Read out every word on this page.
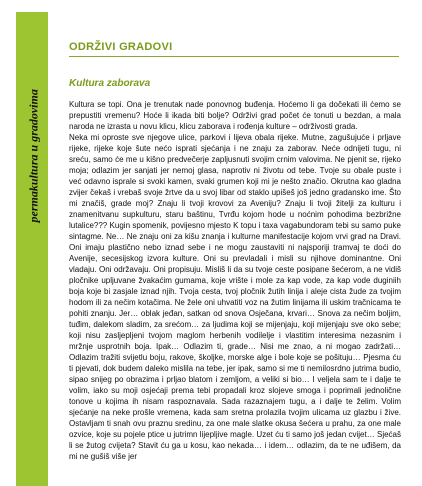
permakultura u gradovima
ODRŽIVI GRADOVI
Kultura zaborava

Kultura se topi. Ona je trenutak nade ponovnog buđenja. Hoćemo li ga dočekati ili ćemo se prepustiti vremenu? Hoće li ikada biti bolje? Održivi grad počet će tonuti u bezdan, a mala naroda ne izrasta u novu klicu, klicu zaborava i rođenja kulture – održivosti grada.

Neka mi oproste sve njegove ulice, parkovi i lijeva obala rijeke. Mutne, zagušujuće i prljave rijeke, rijeke koje šute nećo isprati sjećanja i ne znaju za zaborav. Neće odnijeti tugu, ni sreću, samo će me u kišno predvečerje zapljusnuti svojim crnim valovima. Ne pjenit se, rijeko moja; odlazim jer sanjati jer nemoj glasa, naprotiv ni životu od tebe. Tvoje su obale puste i već odavno isprale si svoki kamen, svaki grumen koji mi je nešto značio. Okrutna kao gladna zvijer čekaš i vrebaš svoje žrtve da u svoj libar od staklo upišeš još jedno gradansko ime. Što mi značiš, grade moj? Znaju li tvoji krovovi za Aveniju? Znaju li tvoji žitelji za kulturu i znamenitvanu supkulturu, staru baštinu, Tvrđu kojom hode u noćnim pohodima bezbrižne lutalice??? Kugin spomenik, povijesno mjesto K topu i taxa vagabundoram tebi su samo puke sintagme. Ne… Ne znaju oni za kišu znanja i kulturne manifestacije kojom vrvi grad na Dravi. Oni imaju plastično nebo iznad sebe i ne mogu zaustaviti ni najsporiji tramvaj te doći do Avenije, secesijskog izvora kulture. Oni su prevladali i misli su njihove dominantne. Oni vladaju. Oni održavaju. Oni propisuju. Misliš li da su tvoje ceste posipane šećerom, a ne vidiš pločnike upljuvane žvakaćim gumama, koje vrište i mole za kap vode, za kap vode duginiih boja koje bi zasjale iznad njih. Tvoja cesta, tvoj pločnik žutih linija i aleje cista žude za tvojim hodom ili za nečim kotačima. Ne žele oni uhvatiti voz na žutim linijama ili uskim tračnicama te pohiti znanju. Jer… oblak jeđan, satkan od snova Osječana, krvari… Snova za nečim boljim, tuđim, dalekom sladim, za srećom… za ljudima koji se mijenjaju, koji mijenjaju sve oko sebe; koji nisu zasljepljeni tvojom maglom herbenih vodilelje i vlastitim interesima nezasnim i mržnje usprotnih boja. Ipak… Odlazim ti, grade… Nisi me znao, a ni mogao zadržati… Odlazim tražiti svijetlu boju, rakove, školjke, morske alge i bole koje se pošituju… Pjesma ću ti pjevati, dok budem daleko mislila na tebe, jer ipak, samo si me ti nemilosrdno jutrima budio, sipao snijeg po obrazima i prljao blatom i zemljom, a veliki si bio… I veljela sam te i dalje te volim, iako su moji osjećaji prema tebi propadali kroz slojeve smoga i poprimali jednolične tonove u kojima ih nisam raspoznavala. Sada razaznajem tugu, a i dalje te želim. Volim sjećanje na neke prošle vremena, kada sam sretna prolazila tvojim ulicama uz glazbu i žive. Ostavljam ti snah ovu praznu sredinu, za one male slatke okusa šećera u prahu, za one male ozvice, koje su pojele ptice u jutrimn lijepljive magle. Uzet ću ti samo još jedan cvijet… Sjećaš li se žutog cvijeta? Stavit ću ga u kosu, kao nekada… i idem… odlazim, da te ne uđišem, da mi ne gušiš više jer
